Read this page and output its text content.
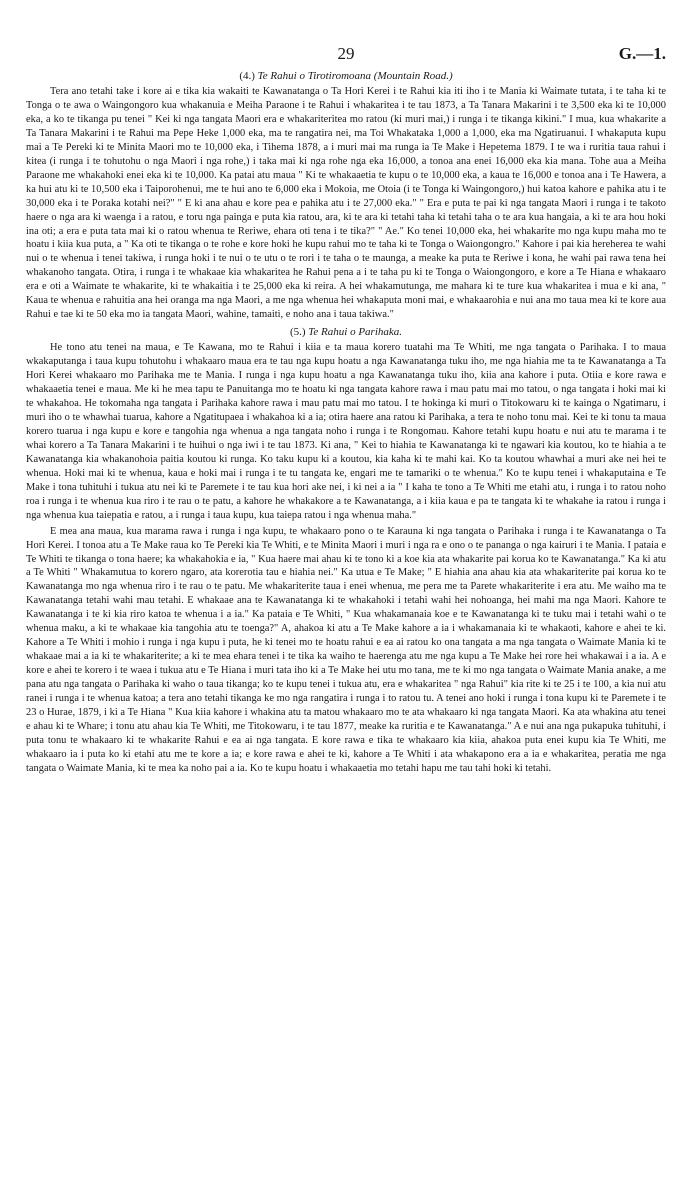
29	G.—1.
(4.) Te Rahui o Tirotiromoana (Mountain Road.)

Tera ano tetahi take i kore ai e tika kia wakaiti te Kawanatanga o Ta Hori Kerei i te Rahui kia iti iho i te Mania ki Waimate tutata, i te taha ki te Tonga o te awa o Waingongoro kua whakanuia e Meiha Paraone i te Rahui i whakaritea i te tau 1873, a Ta Tanara Makarini i te 3,500 eka ki te 10,000 eka, a ko te tikanga pu tenei " Kei ki nga tangata Maori era e whakariteritea mo ratou (ki muri mai,) i runga i te tikanga kikini." I mua, kua whakarite a Ta Tanara Makarini i te Rahui ma Pepe Heke 1,000 eka, ma te rangatira nei, ma Toi Whakataka 1,000 a 1,000, eka ma Ngatiruanui. I whakaputa kupu mai a Te Pereki ki te Minita Maori mo te 10,000 eka, i Tihema 1878, a i muri mai ma runga ia Te Make i Hepetema 1879. I te wa i ruritia taua rahui i kitea (i runga i te tohutohu o nga Maori i nga rohe,) i taka mai ki nga rohe nga eka 16,000, a tonoa ana enei 16,000 eka kia mana. Tohe aua a Meiha Paraone me whakahoki enei eka ki te 10,000. Ka patai atu maua " Ki te whakaaetia te kupu o te 10,000 eka, a kaua te 16,000 e tonoa ana i Te Hawera, a ka hui atu ki te 10,500 eka i Taiporohenui, me te hui ano te 6,000 eka i Mokoia, me Otoia (i te Tonga ki Waingongoro,) hui katoa kahore e pahika atu i te 30,000 eka i te Poraka kotahi nei?" " E ki ana ahau e kore pea e pahika atu i te 27,000 eka." " Era e puta te pai ki nga tangata Maori i runga i te takoto haere o nga ara ki waenga i a ratou, e toru nga painga e puta kia ratou, ara, ki te ara ki tetahi taha ki tetahi taha o te ara kua hangaia, a ki te ara hou hoki ina oti; a era e puta tata mai ki o ratou whenua te Reriwe, ehara oti tena i te tika?" " Ae." Ko tenei 10,000 eka, hei whakarite mo nga kupu maha mo te hoatu i kiia kua puta, a " Ka oti te tikanga o te rohe e kore hoki he kupu rahui mo te taha ki te Tonga o Waiongongro." Kahore i pai kia hereherea te wahi nui o te whenua i tenei takiwa, i runga hoki i te nui o te utu o te rori i te taha o te maunga, a meake ka puta te Reriwe i kona, he wahi pai rawa tena hei whakanoho tangata. Otira, i runga i te whakaae kia whakaritea he Rahui pena a i te taha pu ki te Tonga o Waiongongoro, e kore a Te Hiana e whakaaro era e oti a Waimate te whakarite, ki te whakaitia i te 25,000 eka ki reira. A hei whakamutunga, me mahara ki te ture kua whakaritea i mua e ki ana, " Kaua te whenua e rahuitia ana hei oranga ma nga Maori, a me nga whenua hei whakaputa moni mai, e whakaarohia e nui ana mo taua mea ki te kore aua Rahui e tae ki te 50 eka mo ia tangata Maori, wahine, tamaiti, e noho ana i taua takiwa."

(5.) Te Rahui o Parihaka.

He tono atu tenei na maua, e Te Kawana, mo te Rahui i kiia e ta maua korero tuatahi ma Te Whiti, me nga tangata o Parihaka. I to maua wkakaputanga i taua kupu tohutohu i whakaaro maua era te tau nga kupu hoatu a nga Kawanatanga tuku iho, me nga hiahia me ta te Kawanatanga a Ta Hori Kerei whakaaro mo Parihaka me te Mania. I runga i nga kupu hoatu a nga Kawanatanga tuku iho, kiia ana kahore i puta. Otiia e kore rawa e whakaaetia tenei e maua. Me ki he mea tapu te Panuitanga mo te hoatu ki nga tangata kahore rawa i mau patu mai mo tatou, o nga tangata i hoki mai ki te whakahoa. He tokomaha nga tangata i Parihaka kahore rawa i mau patu mai mo tatou. I te hokinga ki muri o Titokowaru ki te kainga o Ngatimaru, i muri iho o te whawhai tuarua, kahore a Ngatitupaea i whakahoa ki a ia; otira haere ana ratou ki Parihaka, a tera te noho tonu mai. Kei te ki tonu ta maua korero tuarua i nga kupu e kore e tangohia nga whenua a nga tangata noho i runga i te Rongomau. Kahore tetahi kupu hoatu e nui atu te marama i te whai korero a Ta Tanara Makarini i te huihui o nga iwi i te tau 1873. Ki ana, " Kei to hiahia te Kawanatanga ki te ngawari kia koutou, ko te hiahia a te Kawanatanga kia whakanohoia paitia koutou ki runga. Ko taku kupu ki a koutou, kia kaha ki te mahi kai. Ko ta koutou whawhai a muri ake nei hei te whenua. Hoki mai ki te whenua, kaua e hoki mai i runga i te tu tangata ke, engari me te tamariki o te whenua." Ko te kupu tenei i whakaputaina e Te Make i tona tuhituhi i tukua atu nei ki te Paremete i te tau kua hori ake nei, i ki nei a ia " I kaha te tono a Te Whiti me etahi atu, i runga i to ratou noho roa i runga i te whenua kua riro i te rau o te patu, a kahore he whakakore a te Kawanatanga, a i kiia kaua e pa te tangata ki te whakahe ia ratou i runga i nga whenua kua taiepatia e ratou, a i runga i taua kupu, kua taiepa ratou i nga whenua maha."

E mea ana maua, kua marama rawa i runga i nga kupu, te whakaaro pono o te Karauna ki nga tangata o Parihaka i runga i te Kawanatanga o Ta Hori Kerei. I tonoa atu a Te Make raua ko Te Pereki kia Te Whiti, e te Minita Maori i muri i nga ra e ono o te pananga o nga kairuri i te Mania. I pataia e Te Whiti te tikanga o tona haere; ka whakahokia e ia, " Kua haere mai ahau ki te tono ki a koe kia ata whakarite pai korua ko te Kawanatanga." Ka ki atu a Te Whiti " Whakamutua to korero ngaro, ata korerotia tau e hiahia nei." Ka utua e Te Make; " E hiahia ana ahau kia ata whakariterite pai korua ko te Kawanatanga mo nga whenua riro i te rau o te patu. Me whakariterite taua i enei whenua, me pera me ta Parete whakariterite i era atu. Me waiho ma te Kawanatanga tetahi wahi mau tetahi. E whakaae ana te Kawanatanga ki te whakahoki i tetahi wahi hei nohoanga, hei mahi ma nga Maori. Kahore te Kawanatanga i te ki kia riro katoa te whenua i a ia." Ka pataia e Te Whiti, " Kua whakamanaia koe e te Kawanatanga ki te tuku mai i tetahi wahi o te whenua maku, a ki te whakaae kia tangohia atu te toenga?" A, ahakoa ki atu a Te Make kahore a ia i whakamanaia ki te whakaoti, kahore e ahei te ki. Kahore a Te Whiti i mohio i runga i nga kupu i puta, he ki tenei mo te hoatu rahui e ea ai ratou ko ona tangata a ma nga tangata o Waimate Mania ki te whakaae mai a ia ki te whakariterite; a ki te mea ehara tenei i te tika ka waiho te haerenga atu me nga kupu a Te Make hei rore hei whakawai i a ia. A e kore e ahei te korero i te waea i tukua atu e Te Hiana i muri tata iho ki a Te Make hei utu mo tana, me te ki mo nga tangata o Waimate Mania anake, a me pana atu nga tangata o Parihaka ki waho o taua tikanga; ko te kupu tenei i tukua atu, era e whakaritea " nga Rahui" kia rite ki te 25 i te 100, a kia nui atu ranei i runga i te whenua katoa; a tera ano tetahi tikanga ke mo nga rangatira i runga i to ratou tu. A tenei ano hoki i runga i tona kupu ki te Paremete i te 23 o Hurae, 1879, i ki a Te Hiana " Kua kiia kahore i whakina atu ta matou whakaaro mo te ata whakaaro ki nga tangata Maori. Ka ata whakina atu tenei e ahau ki te Whare; i tonu atu ahau kia Te Whiti, me Titokowaru, i te tau 1877, meake ka ruritia e te Kawanatanga." A e nui ana nga pukapuka tuhituhi, i puta tonu te whakaaro ki te whakarite Rahui e ea ai nga tangata. E kore rawa e tika te whakaaro kia kiia, ahakoa puta enei kupu kia Te Whiti, me whakaaro ia i puta ko ki etahi atu me te kore a ia; e kore rawa e ahei te ki, kahore a Te Whiti i ata whakapono era a ia e whakaritea, peratia me nga tangata o Waimate Mania, ki te mea ka noho pai a ia. Ko te kupu hoatu i whakaaetia mo tetahi hapu me tau tahi hoki ki tetahi.
